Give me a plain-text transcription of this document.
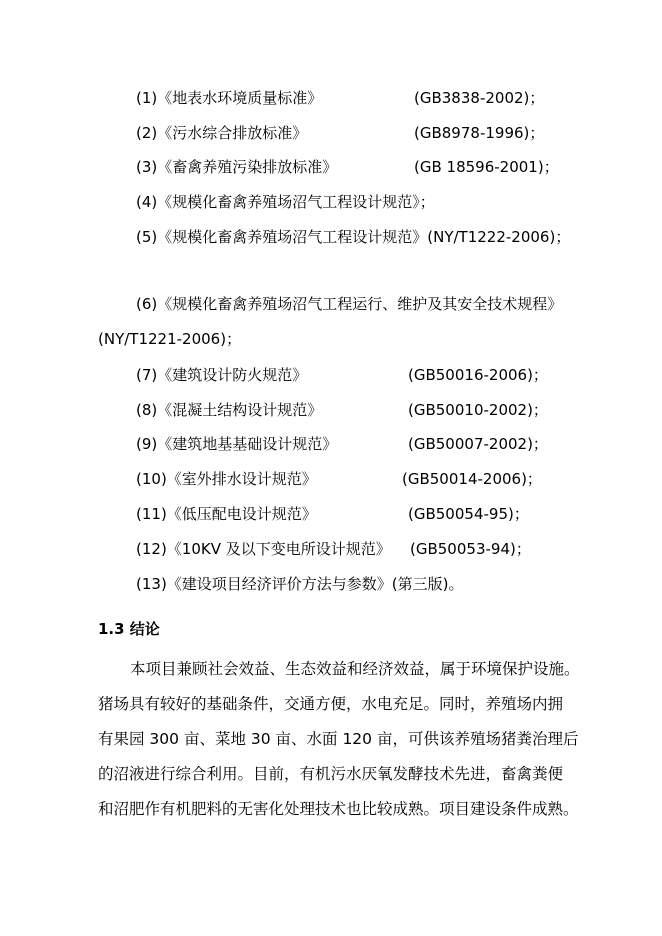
(1)《地表水环境质量标准》	(GB3838-2002)；
(2)《污水综合排放标准》	(GB8978-1996)；
(3)《畜禽养殖污染排放标准》	(GB 18596-2001)；
(4)《规模化畜禽养殖场沼气工程设计规范》；
(5)《规模化畜禽养殖场沼气工程设计规范》(NY/T1222-2006)；
(6)《规模化畜禽养殖场沼气工程运行、维护及其安全技术规程》
(NY/T1221-2006)；
(7)《建筑设计防火规范》	(GB50016-2006)；
(8)《混凝土结构设计规范》	(GB50010-2002)；
(9)《建筑地基基础设计规范》	(GB50007-2002)；
(10)《室外排水设计规范》	(GB50014-2006)；
(11)《低压配电设计规范》	(GB50054-95)；
(12)《10KV 及以下变电所设计规范》 (GB50053-94)；
(13)《建设项目经济评价方法与参数》(第三版)。
1.3 结论
本项目兼顾社会效益、生态效益和经济效益，属于环境保护设施。
猪场具有较好的基础条件，交通方便，水电充足。同时，养殖场内拥
有果园 300 亩、菜地 30 亩、水面 120 亩，可供该养殖场猪粪治理后
的沼液进行综合利用。目前，有机污水厌氧发酵技术先进，畜禽粪便
和沼肥作有机肥料的无害化处理技术也比较成熟。项目建设条件成熟。
